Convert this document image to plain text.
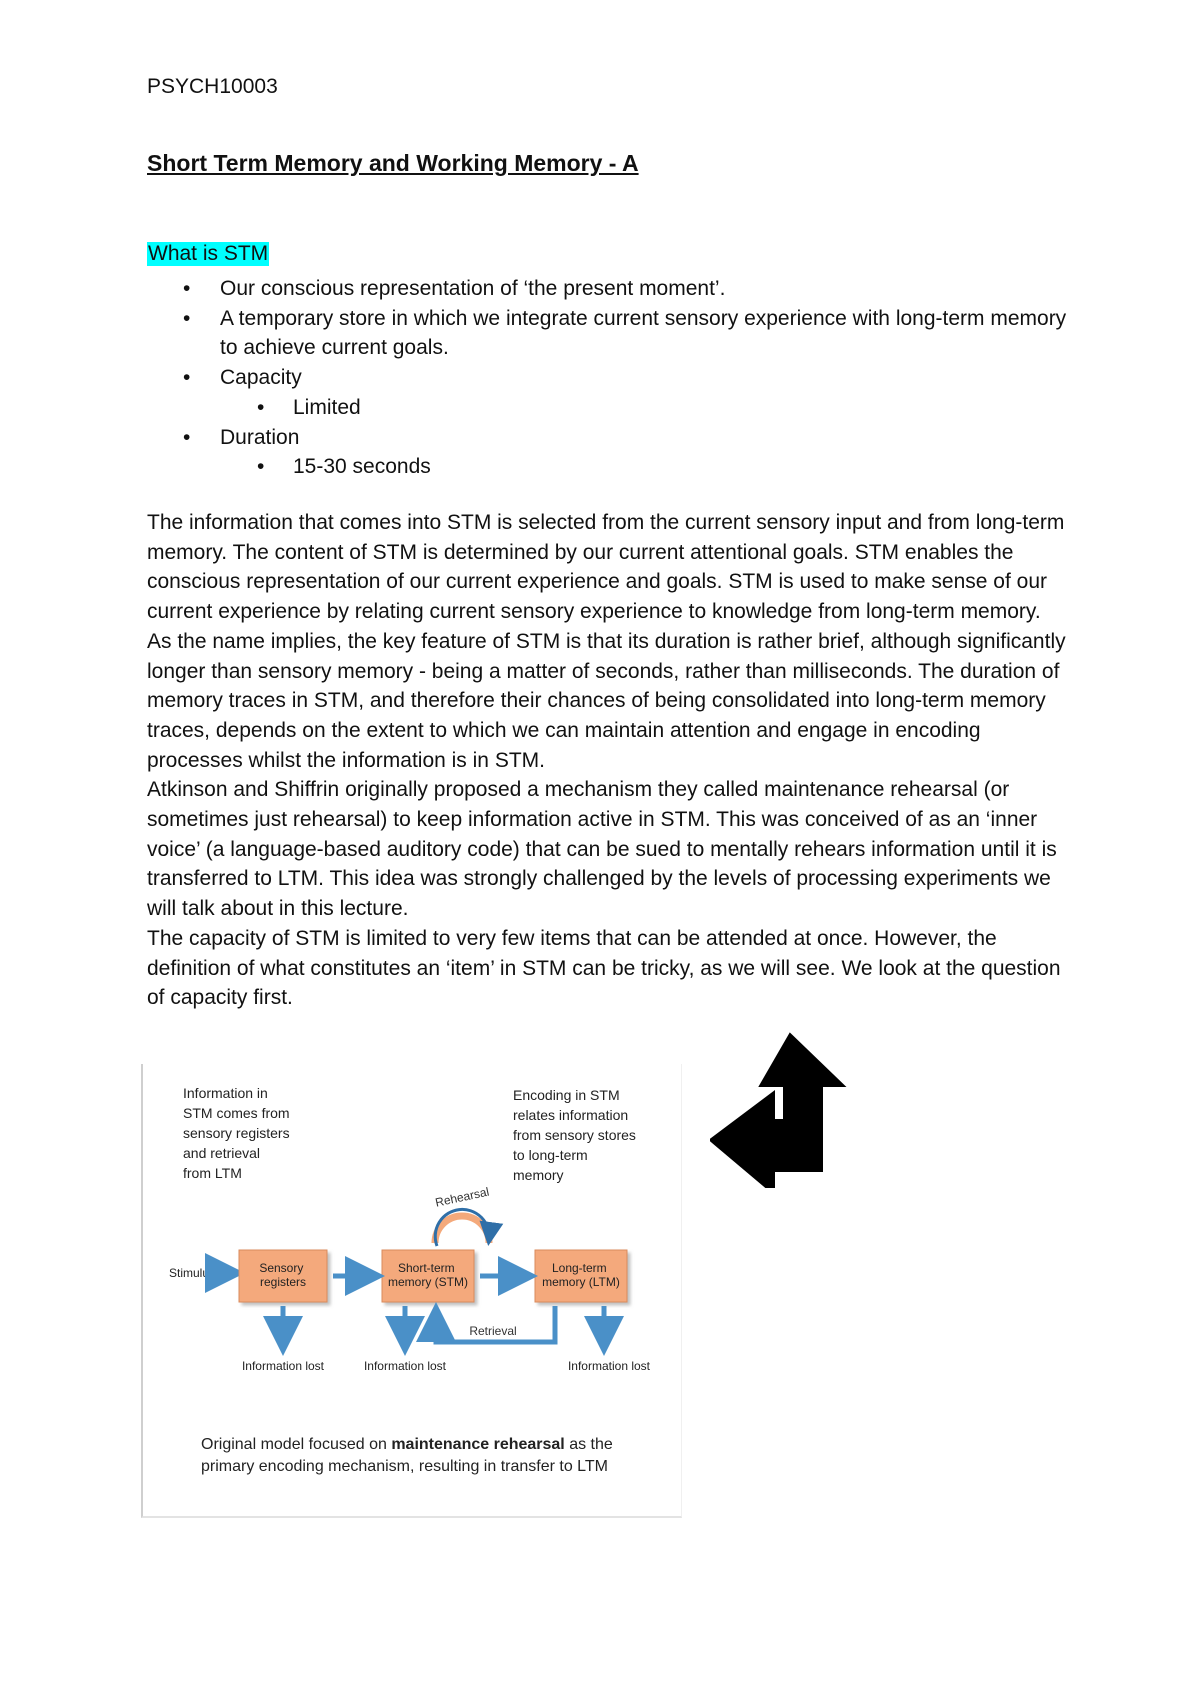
PSYCH10003
Short Term Memory and Working Memory - A
What is STM
• Our conscious representation of ‘the present moment’.
• A temporary store in which we integrate current sensory experience with long-term memory to achieve current goals.
• Capacity
• Limited
• Duration
• 15-30 seconds

The information that comes into STM is selected from the current sensory input and from long-term memory. The content of STM is determined by our current attentional goals. STM enables the conscious representation of our current experience and goals. STM is used to make sense of our current experience by relating current sensory experience to knowledge from long-term memory.

As the name implies, the key feature of STM is that its duration is rather brief, although significantly longer than sensory memory - being a matter of seconds, rather than milliseconds. The duration of memory traces in STM, and therefore their chances of being consolidated into long-term memory traces, depends on the extent to which we can maintain attention and engage in encoding processes whilst the information is in STM.

Atkinson and Shiffrin originally proposed a mechanism they called maintenance rehearsal (or sometimes just rehearsal) to keep information active in STM. This was conceived of as an ‘inner voice’ (a language-based auditory code) that can be sued to mentally rehears information until it is transferred to LTM. This idea was strongly challenged by the levels of processing experiments we will talk about in this lecture.

The capacity of STM is limited to very few items that can be attended at once. However, the definition of what constitutes an ‘item’ in STM can be tricky, as we will see. We look at the question of capacity first.

Information in STM comes from sensory registers and retrieval from LTM
Encoding in STM relates information from sensory stores to long-term memory
Rehearsal
Stimulus	Sensory registers
Short-term memory (STM)
Long-term memory (LTM)
Retrieval
Information lost	Information lost	Information lost
Original model focused on maintenance rehearsal as the primary encoding mechanism, resulting in transfer to LTM
